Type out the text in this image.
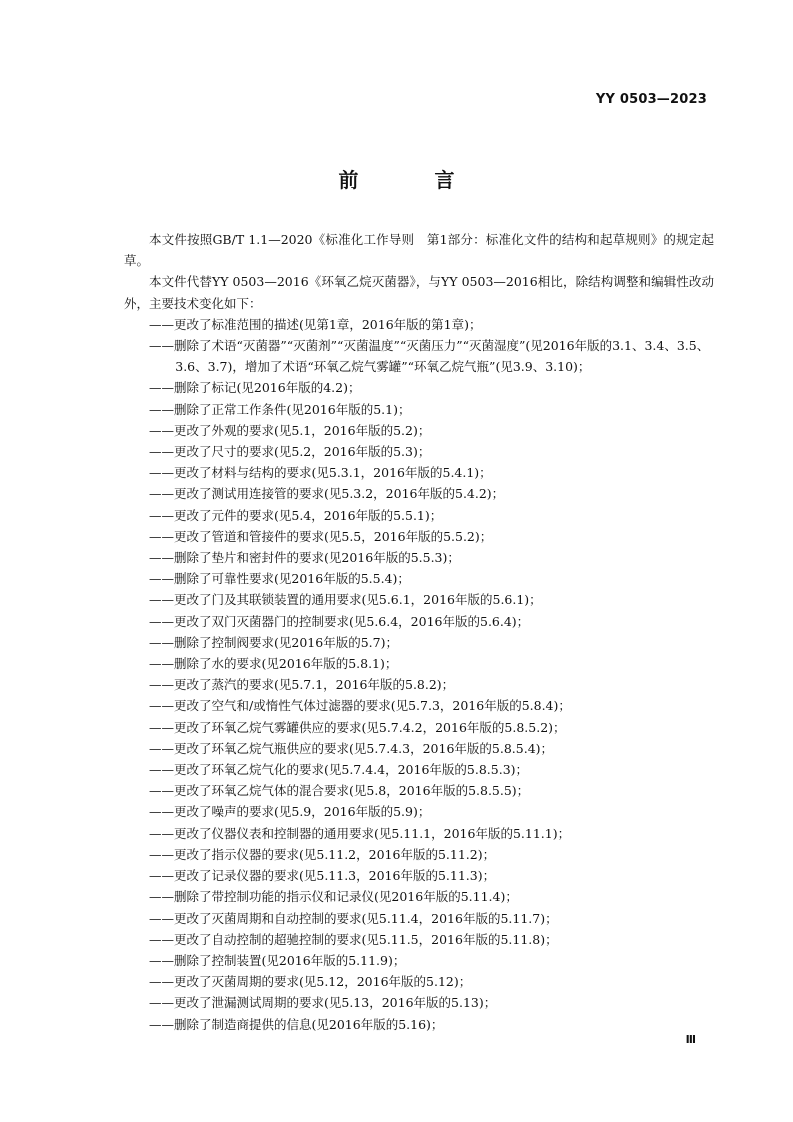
YY 0503—2023
前　言

本文件按照GB/T 1.1—2020《标准化工作导则　第1部分：标准化文件的结构和起草规则》的规定起草。

本文件代替YY 0503—2016《环氧乙烷灭菌器》，与YY 0503—2016相比，除结构调整和编辑性改动外，主要技术变化如下：

——更改了标准范围的描述(见第1章，2016年版的第1章)；
——删除了术语“灭菌器”“灭菌剂”“灭菌温度”“灭菌压力”“灭菌湿度”(见2016年版的3.1、3.4、3.5、3.6、3.7)，增加了术语“环氧乙烷气雾罐”“环氧乙烷气瓶”(见3.9、3.10)；
——删除了标记(见2016年版的4.2)；
——删除了正常工作条件(见2016年版的5.1)；
——更改了外观的要求(见5.1，2016年版的5.2)；
——更改了尺寸的要求(见5.2，2016年版的5.3)；
——更改了材料与结构的要求(见5.3.1，2016年版的5.4.1)；
——更改了测试用连接管的要求(见5.3.2，2016年版的5.4.2)；
——更改了元件的要求(见5.4，2016年版的5.5.1)；
——更改了管道和管接件的要求(见5.5，2016年版的5.5.2)；
——删除了垫片和密封件的要求(见2016年版的5.5.3)；
——删除了可靠性要求(见2016年版的5.5.4)；
——更改了门及其联锁装置的通用要求(见5.6.1，2016年版的5.6.1)；
——更改了双门灭菌器门的控制要求(见5.6.4，2016年版的5.6.4)；
——删除了控制阀要求(见2016年版的5.7)；
——删除了水的要求(见2016年版的5.8.1)；
——更改了蒸汽的要求(见5.7.1，2016年版的5.8.2)；
——更改了空气和/或惰性气体过滤器的要求(见5.7.3，2016年版的5.8.4)；
——更改了环氧乙烷气雾罐供应的要求(见5.7.4.2，2016年版的5.8.5.2)；
——更改了环氧乙烷气瓶供应的要求(见5.7.4.3，2016年版的5.8.5.4)；
——更改了环氧乙烷气化的要求(见5.7.4.4，2016年版的5.8.5.3)；
——更改了环氧乙烷气体的混合要求(见5.8，2016年版的5.8.5.5)；
——更改了噪声的要求(见5.9，2016年版的5.9)；
——更改了仪器仪表和控制器的通用要求(见5.11.1，2016年版的5.11.1)；
——更改了指示仪器的要求(见5.11.2，2016年版的5.11.2)；
——更改了记录仪器的要求(见5.11.3，2016年版的5.11.3)；
——删除了带控制功能的指示仪和记录仪(见2016年版的5.11.4)；
——更改了灭菌周期和自动控制的要求(见5.11.4，2016年版的5.11.7)；
——更改了自动控制的超驰控制的要求(见5.11.5，2016年版的5.11.8)；
——删除了控制装置(见2016年版的5.11.9)；
——更改了灭菌周期的要求(见5.12，2016年版的5.12)；
——更改了泄漏测试周期的要求(见5.13，2016年版的5.13)；
——删除了制造商提供的信息(见2016年版的5.16)；
Ⅲ
